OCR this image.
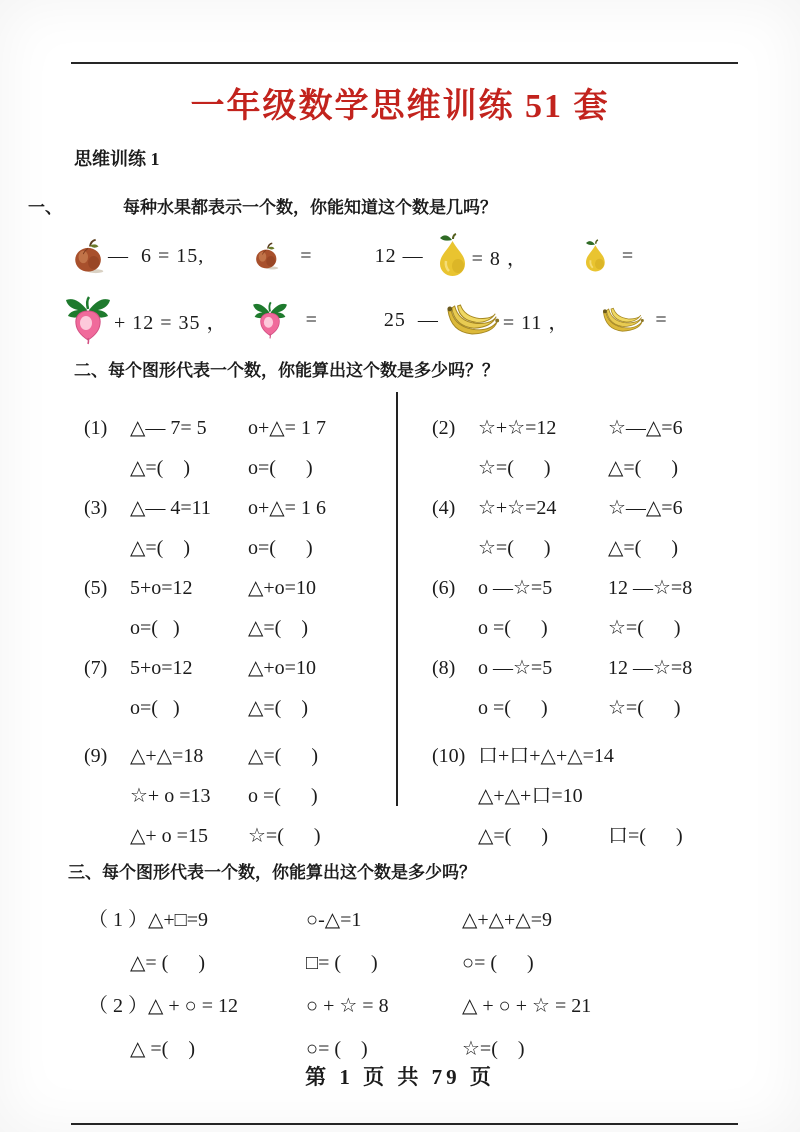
一年级数学思维训练 51 套
思维训练 1
一、	每种水果都表示一个数，你能知道这个数是几吗？
—  6 = 15,	=	12 — = 8 ，	=
+ 12 = 35 ，	=	25  —	= 11 ，	=
二、每个图形代表一个数，你能算出这个数是多少吗？？
(1)	△— 7= 5	o+△= 1 7
△=(    )	o=(      )
(3)	△— 4=11	o+△= 1 6
△=(    )	o=(      )
(5)	5+o=12	△+o=10
o=(   )	△=(    )
(7)	5+o=12	△+o=10
o=(   )	△=(    )
(9)	△+△=18	△=(      )
☆+ o =13	o =(      )
△+ o =15	☆=(      )
(2)	☆+☆=12	☆—△=6
☆=(      )	△=(      )
(4)	☆+☆=24	☆—△=6
☆=(      )	△=(      )
(6)	o —☆=5	12 —☆=8
o =(      )	☆=(      )
(8)	o —☆=5	12 —☆=8
o =(      )	☆=(      )
(10) 口+口+△+△=14
△+△+口=10
△=(      )	口=(      )
三、每个图形代表一个数，你能算出这个数是多少吗？
（ 1 ）△+□=9	○-△=1	△+△+△=9
△= (      )	□= (      )	○= (      )
（ 2 ）△ + ○ = 12	○ + ☆ = 8	△ + ○ + ☆ = 21
△ =(    )	○= (    )	☆=(    )
第 1 页 共 79 页
